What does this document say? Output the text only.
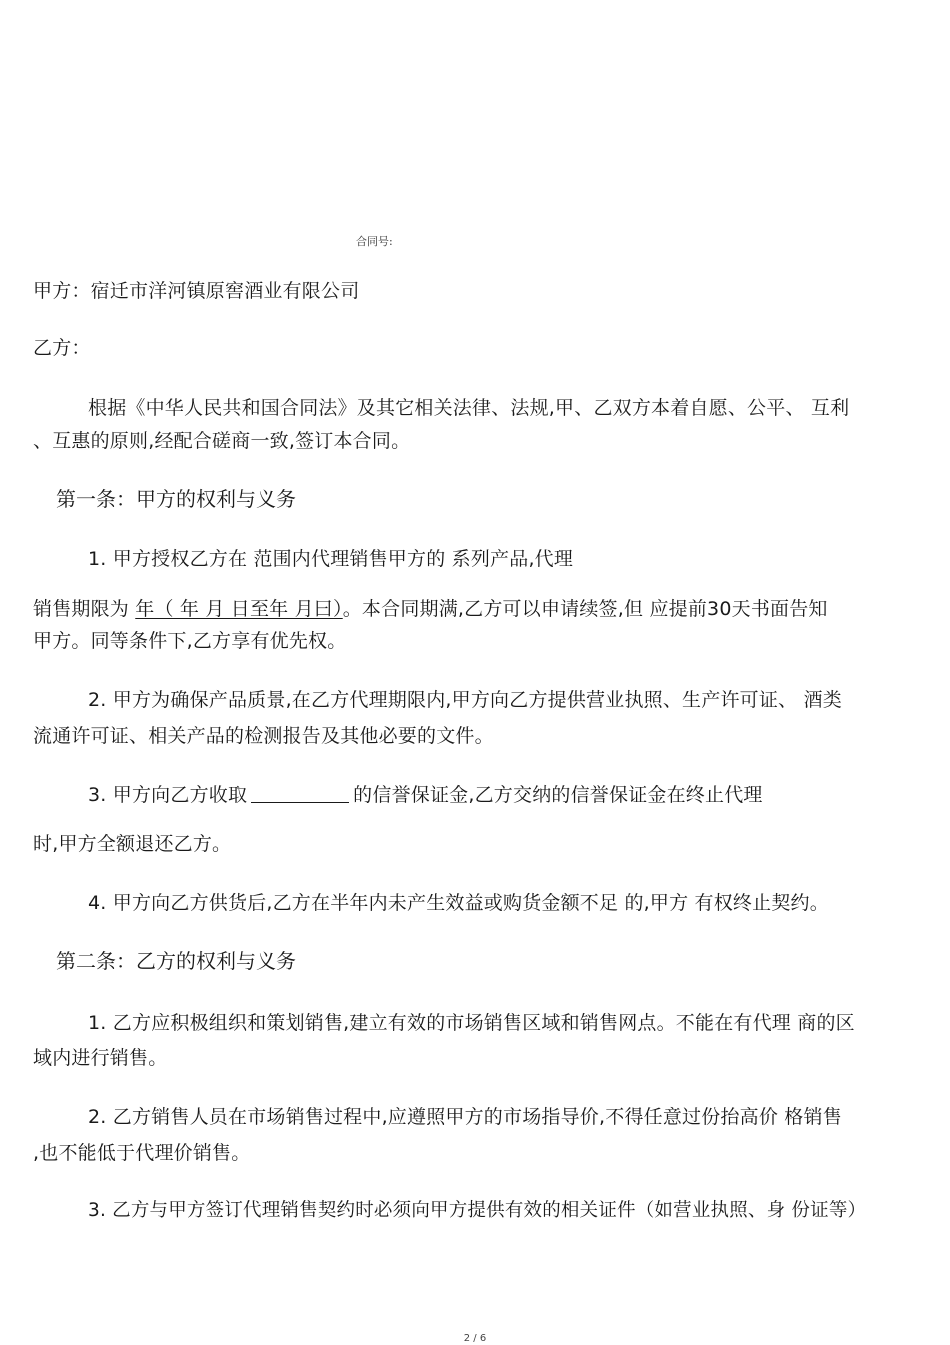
合同号:
甲方：宿迁市洋河镇原窖酒业有限公司
乙方：
根据《中华人民共和国合同法》及其它相关法律、法规,甲、乙双方本着自愿、公平、 互利
、互惠的原则,经配合磋商一致,签订本合同。
第一条：甲方的权利与义务
1. 甲方授权乙方在 范围内代理销售甲方的 系列产品,代理
销售期限为 年（ 年 月 日至年 月曰）。本合同期满,乙方可以申请续签,但 应提前30天书面告知
甲方。同等条件下,乙方享有优先权。
2. 甲方为确保产品质景,在乙方代理期限内,甲方向乙方提供营业执照、生产许可证、 酒类
流通许可证、相关产品的检测报告及其他必要的文件。
3. 甲方向乙方收取	的信誉保证金,乙方交纳的信誉保证金在终止代理
时,甲方全额退还乙方。
4. 甲方向乙方供货后,乙方在半年内未产生效益或购货金额不足 的,甲方 有权终止契约。
第二条：乙方的权利与义务
1. 乙方应积极组织和策划销售,建立有效的市场销售区域和销售网点。不能在有代理 商的区
域内进行销售。
2. 乙方销售人员在市场销售过程中,应遵照甲方的市场指导价,不得任意过份抬高价 格销售
,也不能低于代理价销售。
3. 乙方与甲方签订代理销售契约时必须向甲方提供有效的相关证件（如营业执照、身 份证等）
2 / 6
